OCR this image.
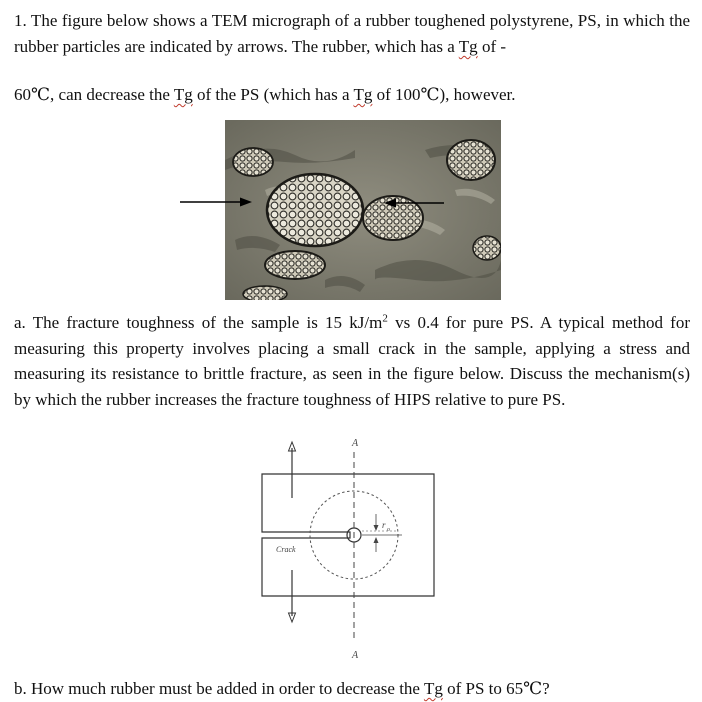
1. The figure below shows a TEM micrograph of a rubber toughened polystyrene, PS, in which the rubber particles are indicated by arrows. The rubber, which has a Tg of -
60℃, can decrease the Tg of the PS (which has a Tg of 100℃), however.
a. The fracture toughness of the sample is 15 $kJ/m^2$ vs 0.4 for pure PS. A typical method for measuring this property involves placing a small crack in the sample, applying a stress and measuring its resistance to brittle fracture, as seen in the figure below. Discuss the mechanism(s) by which the rubber increases the fracture toughness of HIPS relative to pure PS.
A
A
Crack
r o
b. How much rubber must be added in order to decrease the Tg of PS to 65℃?
